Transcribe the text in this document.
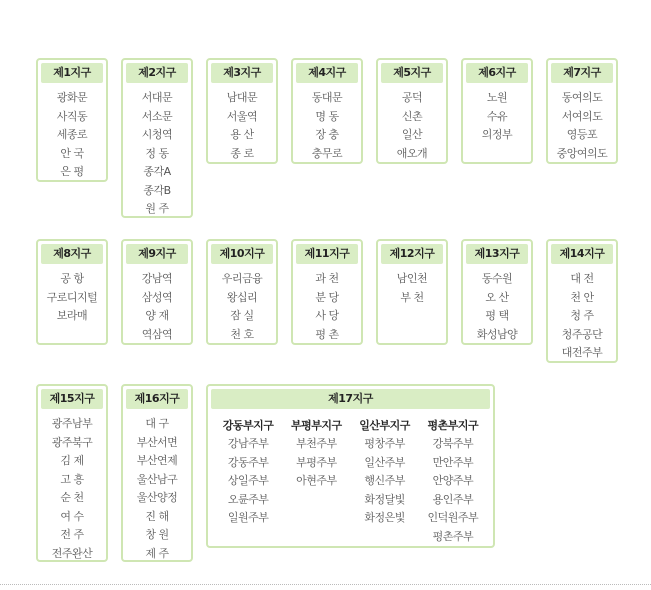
제1지구
광화문
사직동
세종로
안 국
은 평
제2지구
서대문
서소문
시청역
정 동
종각A
종각B
원 주
제3지구
남대문
서울역
용 산
종 로
제4지구
동대문
명 동
장 충
충무로
제5지구
공덕
신촌
일산
애오개
제6지구
노원
수유
의정부
제7지구
동여의도
서여의도
영등포
중앙여의도
제8지구
공 항
구로디지털
보라매
제9지구
강남역
삼성역
양 재
역삼역
제10지구
우리금융
왕십리
잠 실
천 호
제11지구
과 천
분 당
사 당
평 촌
제12지구
남인천
부 천
제13지구
동수원
오 산
평 택
화성남양
제14지구
대 전
천 안
청 주
청주공단
대전주부
제15지구
광주남부
광주북구
김 제
고 흥
순 천
여 수
전 주
전주완산
제16지구
대 구
부산서면
부산연제
울산남구
울산양정
진 해
창 원
제 주
제17지구
강동부지구
강남주부
강동주부
상일주부
오륜주부
일원주부
부평부지구
부천주부
부평주부
아현주부
일산부지구
평창주부
일산주부
행신주부
화정달빛
화정은빛
평촌부지구
강북주부
만안주부
안양주부
용인주부
인덕원주부
평촌주부
